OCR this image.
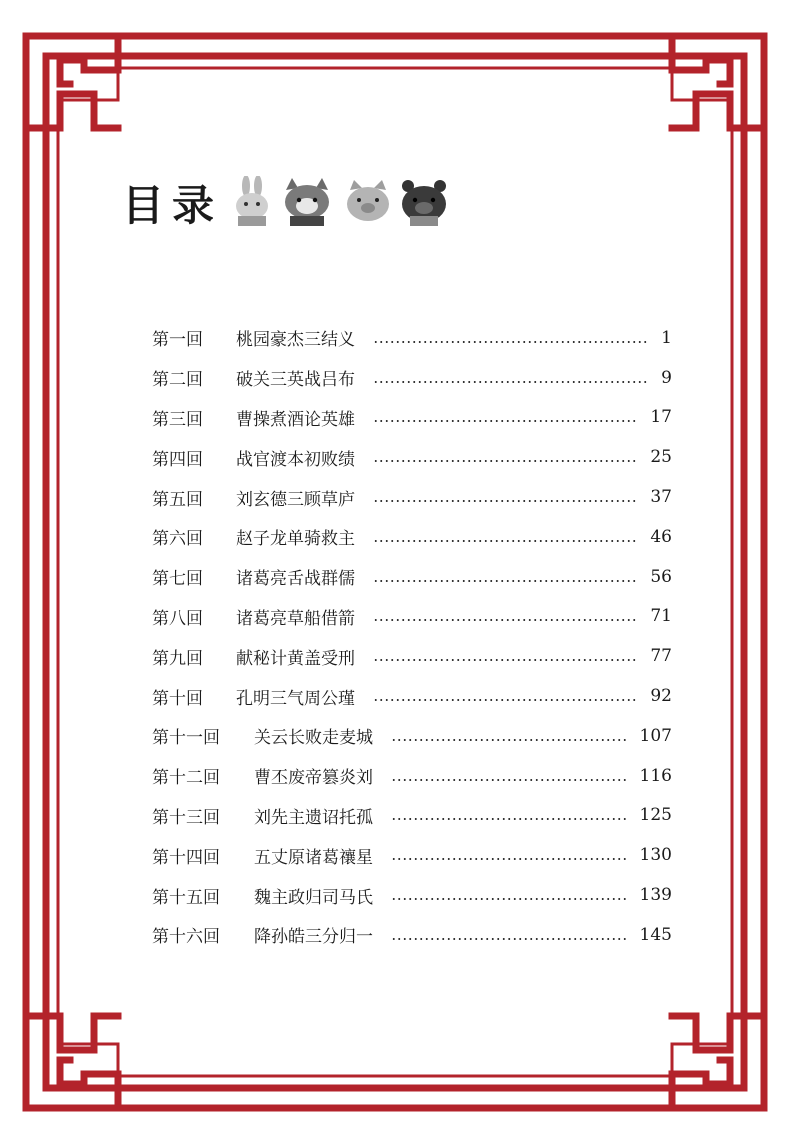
目录
第一回	桃园豪杰三结义	1
第二回	破关三英战吕布	9
第三回	曹操煮酒论英雄	17
第四回	战官渡本初败绩	25
第五回	刘玄德三顾草庐	37
第六回	赵子龙单骑救主	46
第七回	诸葛亮舌战群儒	56
第八回	诸葛亮草船借箭	71
第九回	献秘计黄盖受刑	77
第十回	孔明三气周公瑾	92
第十一回	关云长败走麦城	107
第十二回	曹丕废帝篡炎刘	116
第十三回	刘先主遗诏托孤	125
第十四回	五丈原诸葛禳星	130
第十五回	魏主政归司马氏	139
第十六回	降孙皓三分归一	145
